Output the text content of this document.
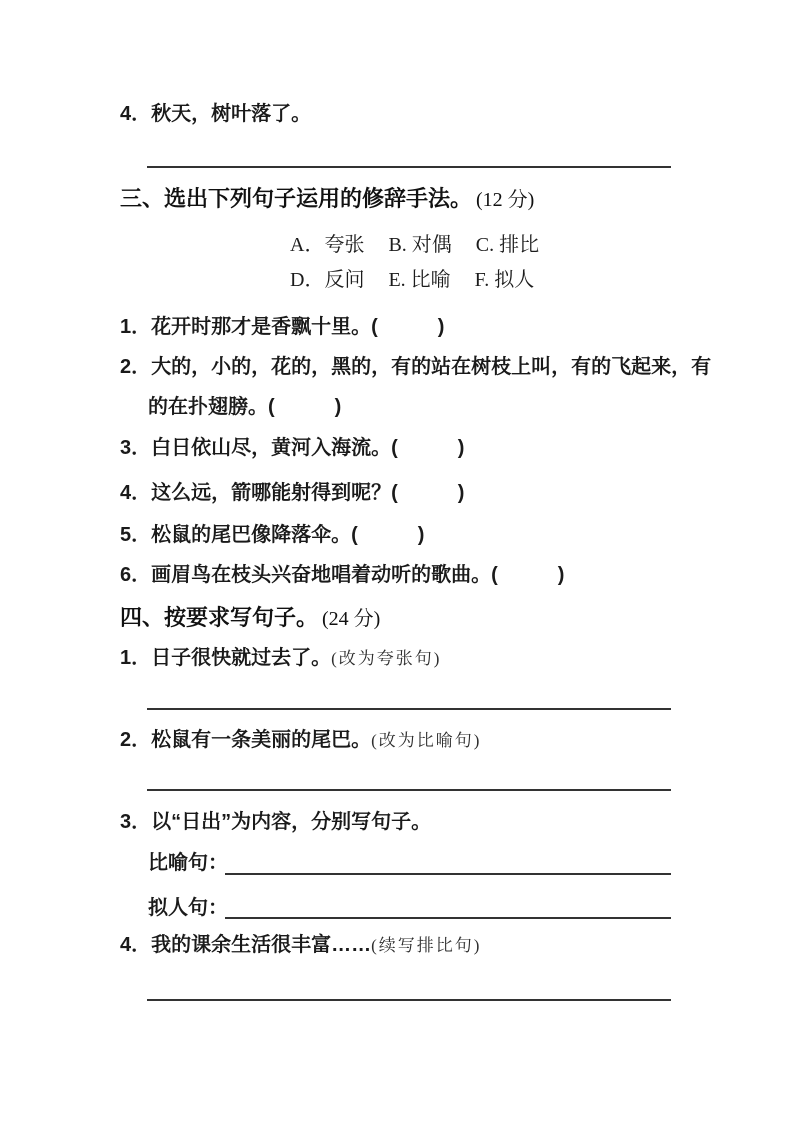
4．秋天，树叶落了。
三、选出下列句子运用的修辞手法。 (12 分)
A．夸张 B. 对偶 C. 排比
D．反问 E. 比喻 F. 拟人
1．花开时那才是香飘十里。(　　　)
2．大的，小的，花的，黑的，有的站在树枝上叫，有的飞起来，有的在扑翅膀。(　　　)
3．白日依山尽，黄河入海流。(　　　)
4．这么远，箭哪能射得到呢？(　　　)
5．松鼠的尾巴像降落伞。(　　　)
6．画眉鸟在枝头兴奋地唱着动听的歌曲。(　　　)
四、按要求写句子。 (24 分)
1．日子很快就过去了。(改为夸张句)
2．松鼠有一条美丽的尾巴。(改为比喻句)
3．以“日出”为内容，分别写句子。
比喻句：
拟人句：
4．我的课余生活很丰富……(续写排比句)
